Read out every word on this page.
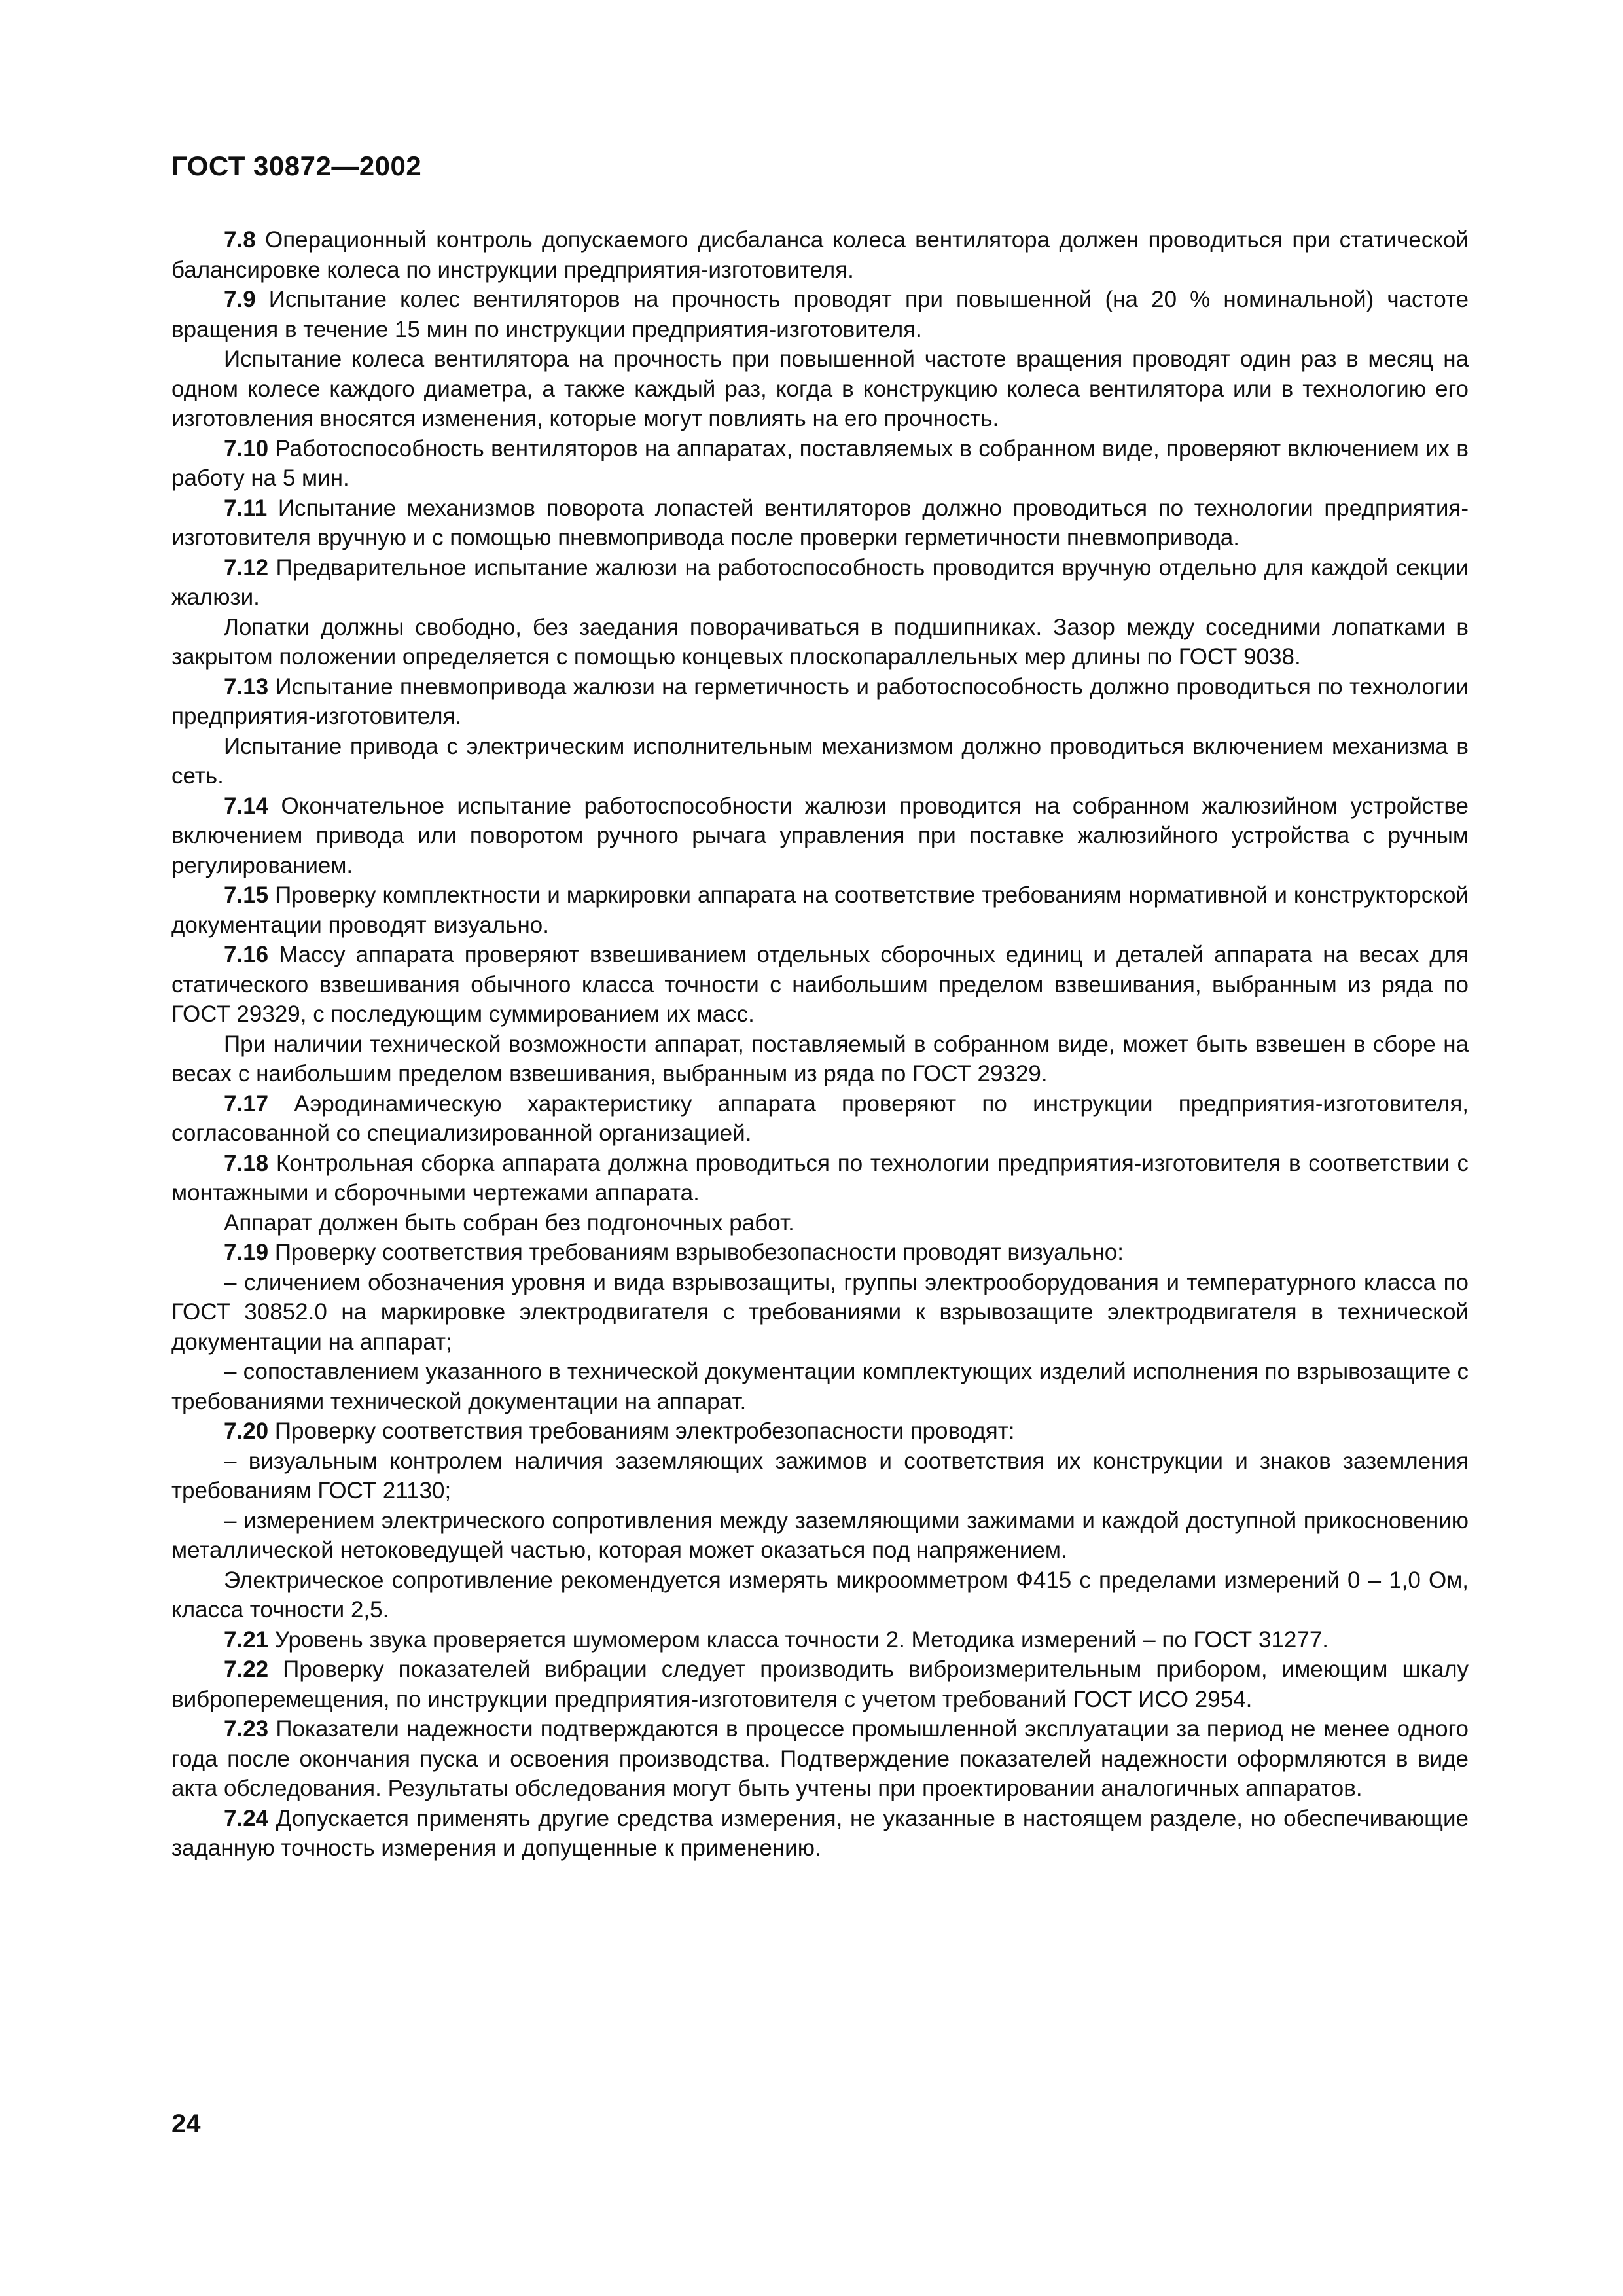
ГОСТ 30872—2002

7.8 Операционный контроль допускаемого дисбаланса колеса вентилятора должен проводиться при статической балансировке колеса по инструкции предприятия-изготовителя.

7.9 Испытание колес вентиляторов на прочность проводят при повышенной (на 20 % номинальной) частоте вращения в течение 15 мин по инструкции предприятия-изготовителя.

Испытание колеса вентилятора на прочность при повышенной частоте вращения проводят один раз в месяц на одном колесе каждого диаметра, а также каждый раз, когда в конструкцию колеса вентилятора или в технологию его изготовления вносятся изменения, которые могут повлиять на его прочность.

7.10 Работоспособность вентиляторов на аппаратах, поставляемых в собранном виде, проверяют включением их в работу на 5 мин.

7.11 Испытание механизмов поворота лопастей вентиляторов должно проводиться по технологии предприятия-изготовителя вручную и с помощью пневмопривода после проверки герметичности пневмопривода.

7.12 Предварительное испытание жалюзи на работоспособность проводится вручную отдельно для каждой секции жалюзи.

Лопатки должны свободно, без заедания поворачиваться в подшипниках. Зазор между соседними лопатками в закрытом положении определяется с помощью концевых плоскопараллельных мер длины по ГОСТ 9038.

7.13 Испытание пневмопривода жалюзи на герметичность и работоспособность должно проводиться по технологии предприятия-изготовителя.

Испытание привода с электрическим исполнительным механизмом должно проводиться включением механизма в сеть.

7.14 Окончательное испытание работоспособности жалюзи проводится на собранном жалюзийном устройстве включением привода или поворотом ручного рычага управления при поставке жалюзийного устройства с ручным регулированием.

7.15 Проверку комплектности и маркировки аппарата на соответствие требованиям нормативной и конструкторской документации проводят визуально.

7.16 Массу аппарата проверяют взвешиванием отдельных сборочных единиц и деталей аппарата на весах для статического взвешивания обычного класса точности с наибольшим пределом взвешивания, выбранным из ряда по ГОСТ 29329, с последующим суммированием их масс.

При наличии технической возможности аппарат, поставляемый в собранном виде, может быть взвешен в сборе на весах с наибольшим пределом взвешивания, выбранным из ряда по ГОСТ 29329.

7.17 Аэродинамическую характеристику аппарата проверяют по инструкции предприятия-изготовителя, согласованной со специализированной организацией.

7.18 Контрольная сборка аппарата должна проводиться по технологии предприятия-изготовителя в соответствии с монтажными и сборочными чертежами аппарата.

Аппарат должен быть собран без подгоночных работ.

7.19 Проверку соответствия требованиям взрывобезопасности проводят визуально:

– сличением обозначения уровня и вида взрывозащиты, группы электрооборудования и температурного класса по ГОСТ 30852.0 на маркировке электродвигателя с требованиями к взрывозащите электродвигателя в технической документации на аппарат;

– сопоставлением указанного в технической документации комплектующих изделий исполнения по взрывозащите с требованиями технической документации на аппарат.

7.20 Проверку соответствия требованиям электробезопасности проводят:

– визуальным контролем наличия заземляющих зажимов и соответствия их конструкции и знаков заземления требованиям ГОСТ 21130;

– измерением электрического сопротивления между заземляющими зажимами и каждой доступной прикосновению металлической нетоковедущей частью, которая может оказаться под напряжением.

Электрическое сопротивление рекомендуется измерять микроомметром Ф415 с пределами измерений 0 – 1,0 Ом, класса точности 2,5.

7.21 Уровень звука проверяется шумомером класса точности 2. Методика измерений – по ГОСТ 31277.

7.22 Проверку показателей вибрации следует производить виброизмерительным прибором, имеющим шкалу виброперемещения, по инструкции предприятия-изготовителя с учетом требований ГОСТ ИСО 2954.

7.23 Показатели надежности подтверждаются в процессе промышленной эксплуатации за период не менее одного года после окончания пуска и освоения производства. Подтверждение показателей надежности оформляются в виде акта обследования. Результаты обследования могут быть учтены при проектировании аналогичных аппаратов.

7.24 Допускается применять другие средства измерения, не указанные в настоящем разделе, но обеспечивающие заданную точность измерения и допущенные к применению.

24
